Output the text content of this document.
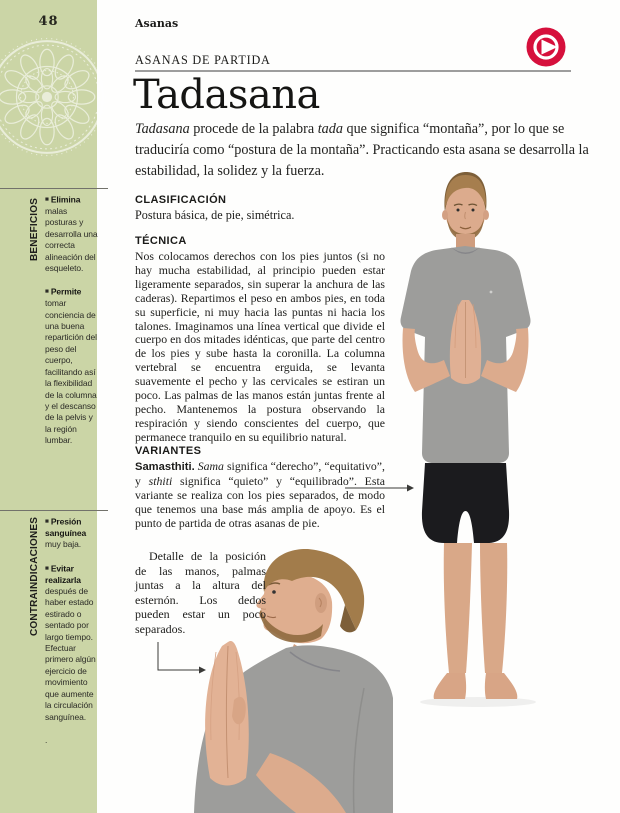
48
BENEFICIOS ■ Elimina malas posturas y desarrolla una correcta alineación del esqueleto.
■ Permite tomar conciencia de una buena repartición del peso del cuerpo, facilitando así la flexibilidad de la columna y el descanso de la pelvis y la región lumbar.
CONTRAINDICACIONES ■ Presión sanguínea muy baja.
■ Evitar realizarla después de haber estado estirado o sentado por largo tiempo. Efectuar primero algún ejercicio de movimiento que aumente la circulación sanguínea.
.
Asanas
ASANAS DE PARTIDA
Tadasana

Tadasana procede de la palabra tada que significa “montaña”, por lo que se traduciría como “postura de la montaña”. Practicando esta asana se desarrolla la estabilidad, la solidez y la fuerza.

CLASIFICACIÓN

Postura básica, de pie, simétrica.

TÉCNICA

Nos colocamos derechos con los pies juntos (si no hay mucha estabilidad, al principio pueden estar ligeramente separados, sin superar la anchura de las caderas). Repartimos el peso en ambos pies, en toda su superficie, ni muy hacia las puntas ni hacia los talones. Imaginamos una línea vertical que divide el cuerpo en dos mitades idénticas, que parte del centro de los pies y sube hasta la coronilla. La columna vertebral se encuentra erguida, se levanta suavemente el pecho y las cervicales se estiran un poco. Las palmas de las manos están juntas frente al pecho. Mantenemos la postura observando la respiración y siendo conscientes del cuerpo, que permanece tranquilo en su equilibrio natural.

VARIANTES

Samasthiti. Sama significa “derecho”, “equitativo”, y sthiti significa “quieto” y “equilibrado”. Esta variante se realiza con los pies separados, de modo que tenemos una base más amplia de apoyo. Es el punto de partida de otras asanas de pie.

Detalle de la posición de las manos, palmas juntas a la altura del esternón. Los dedos pueden estar un poco separados.
